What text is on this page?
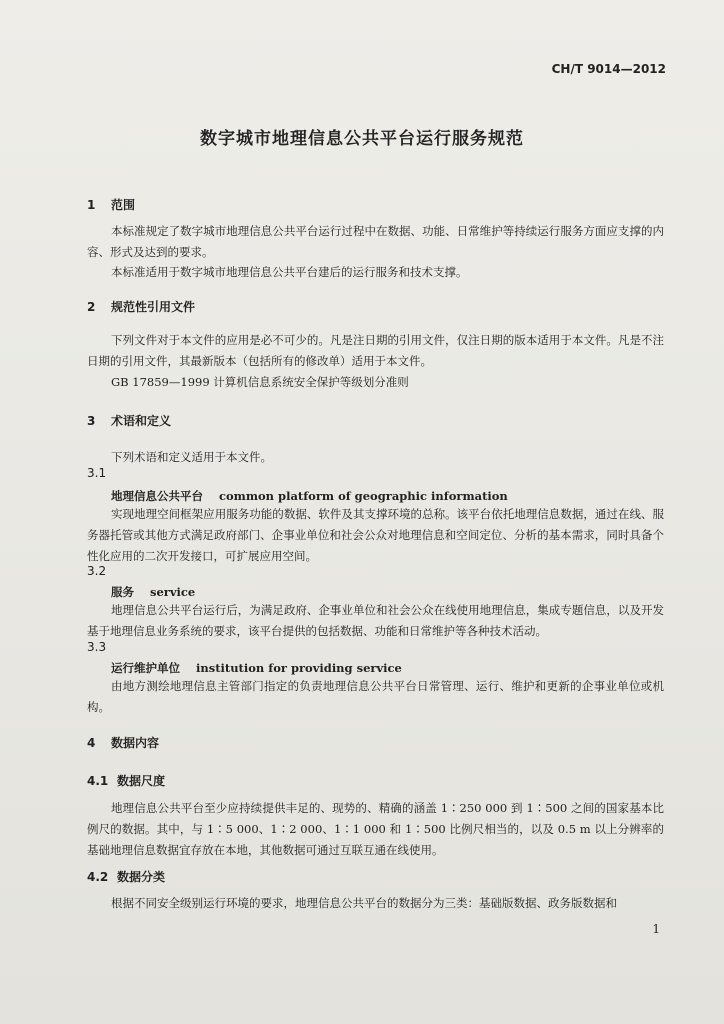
CH/T 9014—2012
数字城市地理信息公共平台运行服务规范
1 范围
本标准规定了数字城市地理信息公共平台运行过程中在数据、功能、日常维护等持续运行服务方面应支撑的内容、形式及达到的要求。
本标准适用于数字城市地理信息公共平台建后的运行服务和技术支撑。
2 规范性引用文件
下列文件对于本文件的应用是必不可少的。凡是注日期的引用文件，仅注日期的版本适用于本文件。凡是不注日期的引用文件，其最新版本（包括所有的修改单）适用于本文件。
GB 17859—1999 计算机信息系统安全保护等级划分准则
3 术语和定义
下列术语和定义适用于本文件。
3.1
地理信息公共平台 common platform of geographic information
实现地理空间框架应用服务功能的数据、软件及其支撑环境的总称。该平台依托地理信息数据，通过在线、服务器托管或其他方式满足政府部门、企事业单位和社会公众对地理信息和空间定位、分析的基本需求，同时具备个性化应用的二次开发接口，可扩展应用空间。
3.2
服务 service
地理信息公共平台运行后，为满足政府、企事业单位和社会公众在线使用地理信息，集成专题信息，以及开发基于地理信息业务系统的要求，该平台提供的包括数据、功能和日常维护等各种技术活动。
3.3
运行维护单位 institution for providing service
由地方测绘地理信息主管部门指定的负责地理信息公共平台日常管理、运行、维护和更新的企事业单位或机构。
4 数据内容
4.1 数据尺度
地理信息公共平台至少应持续提供丰足的、现势的、精确的涵盖 1∶250 000 到 1∶500 之间的国家基本比例尺的数据。其中，与 1∶5 000、1∶2 000、1∶1 000 和 1∶500 比例尺相当的，以及 0.5 m 以上分辨率的基础地理信息数据宜存放在本地，其他数据可通过互联互通在线使用。
4.2 数据分类
根据不同安全级别运行环境的要求，地理信息公共平台的数据分为三类：基础版数据、政务版数据和
1
